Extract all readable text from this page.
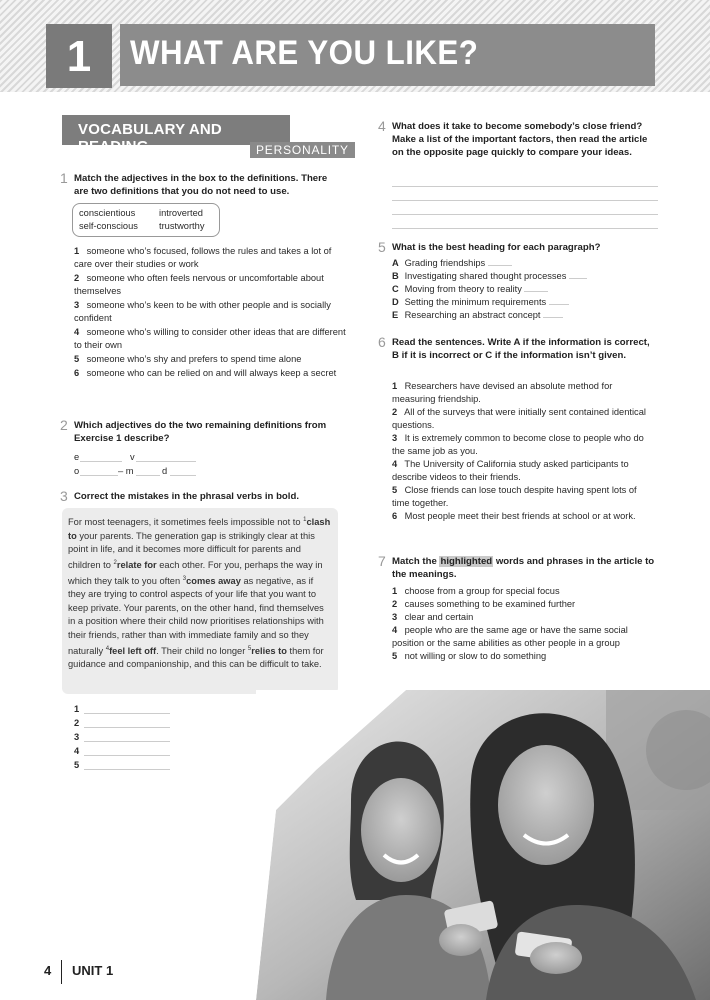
1	WHAT ARE YOU LIKE?
VOCABULARY AND READING	PERSONALITY
1 Match the adjectives in the box to the definitions. There are two definitions that you do not need to use.
conscientious	introverted
self-conscious trustworthy
1 someone who’s focused, follows the rules and takes a lot of care over their studies or work
2 someone who often feels nervous or uncomfortable about themselves
3 someone who’s keen to be with other people and is socially confident
4 someone who’s willing to consider other ideas that are different to their own
5 someone who’s shy and prefers to spend time alone
6 someone who can be relied on and will always keep a secret
2 Which adjectives do the two remaining definitions from Exercise 1 describe?
e	v
o	– m	d
3 Correct the mistakes in the phrasal verbs in bold.
For most teenagers, it sometimes feels impossible not to $^1$clash to your parents. The generation gap is strikingly clear at this point in life, and it becomes more difficult for parents and children to $^2$relate for each other. For you, perhaps the way in which they talk to you often $^3$comes away as negative, as if they are trying to control aspects of your life that you want to keep private. Your parents, on the other hand, find themselves in a position where their child now prioritises relationships with their friends, rather than with immediate family and so they naturally $^4$feel left off. Their child no longer $^5$relies to them for guidance and companionship, and this can be difficult to take.
1
2
3
4
5
4 What does it take to become somebody’s close friend? Make a list of the important factors, then read the article on the opposite page quickly to compare your ideas.
5 What is the best heading for each paragraph?
A Grading friendships
B Investigating shared thought processes
C Moving from theory to reality
D Setting the minimum requirements
E Researching an abstract concept
6 Read the sentences. Write A if the information is correct, B if it is incorrect or C if the information isn’t given.
1 Researchers have devised an absolute method for measuring friendship.
2 All of the surveys that were initially sent contained identical questions.
3 It is extremely common to become close to people who do the same job as you.
4 The University of California study asked participants to describe videos to their friends.
5 Close friends can lose touch despite having spent lots of time together.
6 Most people meet their best friends at school or at work.
7 Match the highlighted words and phrases in the article to the meanings.
1 choose from a group for special focus
2 causes something to be examined further
3 clear and certain
4 people who are the same age or have the same social position or the same abilities as other people in a group
5 not willing or slow to do something
4	UNIT 1
